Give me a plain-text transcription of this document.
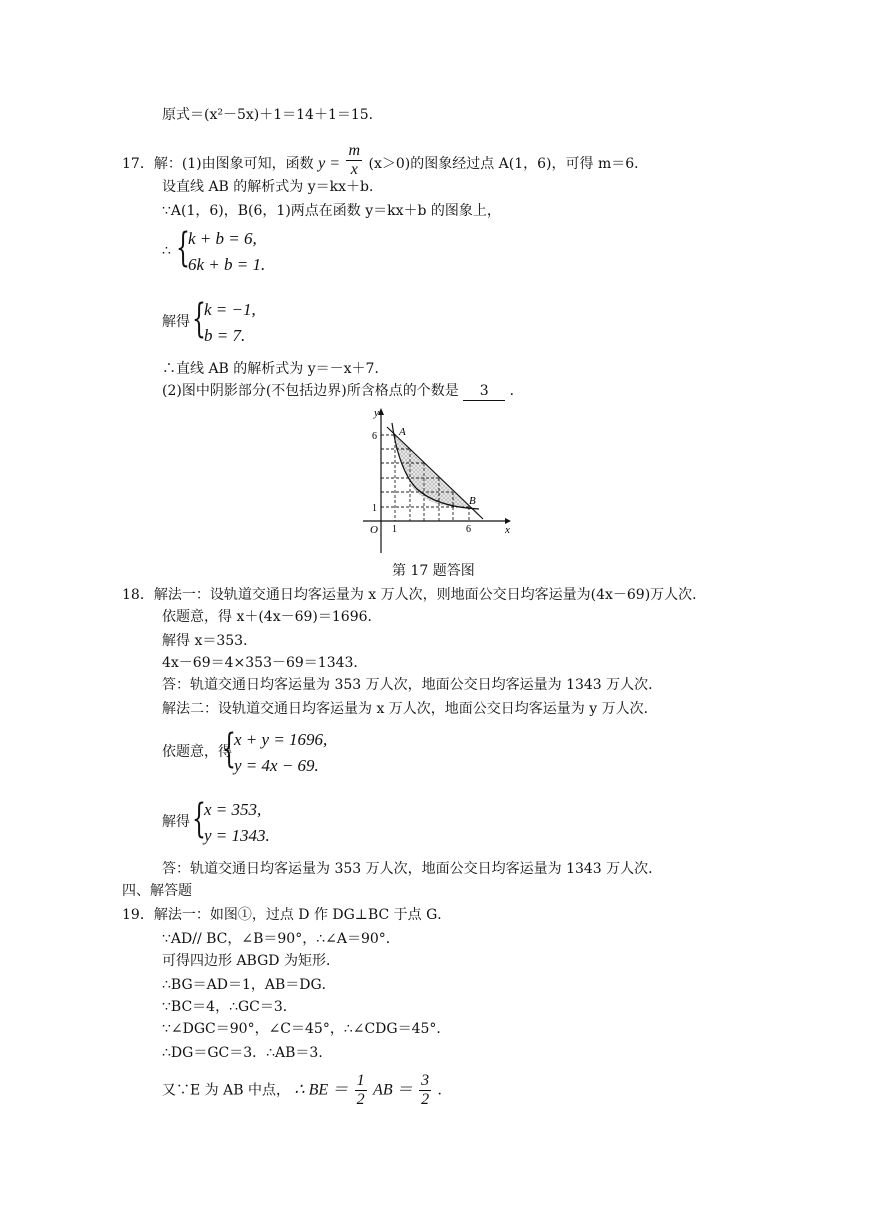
原式＝(x²－5x)＋1＝14＋1＝15．
17．解：(1)由图象可知，函数 $y = \frac{m}{x} (x>0)$的图象经过点 A(1，6)，可得 m＝6．
设直线 AB 的解析式为 y＝kx＋b．
∵A(1，6)，B(6，1)两点在函数 y＝kx＋b 的图象上，
∴ {
k + b = 6,
6k + b = 1.
解得 {
k = −1,
b = 7.
∴直线 AB 的解析式为 y＝－x＋7．
(2)图中阴影部分(不包括边界)所含格点的个数是 3 ．
y
x
O
6
1
1	6
A
B
第 17 题答图
18．解法一：设轨道交通日均客运量为 x 万人次，则地面公交日均客运量为(4x－69)万人次．
依题意，得 x＋(4x－69)＝1696．
解得 x＝353．
4x－69＝4×353－69＝1343．
答：轨道交通日均客运量为 353 万人次，地面公交日均客运量为 1343 万人次．
解法二：设轨道交通日均客运量为 x 万人次，地面公交日均客运量为 y 万人次．
依题意，得
{
x + y = 1696,
y = 4x − 69.
解得 {
x = 353,
y = 1343.
答：轨道交通日均客运量为 353 万人次，地面公交日均客运量为 1343 万人次．
四、解答题
19．解法一：如图①，过点 D 作 DG⊥BC 于点 G．
∵AD// BC，∠B＝90°，∴∠A＝90°．
可得四边形 ABGD 为矩形．
∴BG＝AD＝1，AB＝DG．
∵BC＝4，∴GC＝3．
∵∠DGC＝90°，∠C＝45°，∴∠CDG＝45°．
∴DG＝GC＝3．∴AB＝3．
又∵E 为 AB 中点， ∴ BE ＝ $\frac{1}{2}$ AB ＝ $\frac{3}{2}$ ．
